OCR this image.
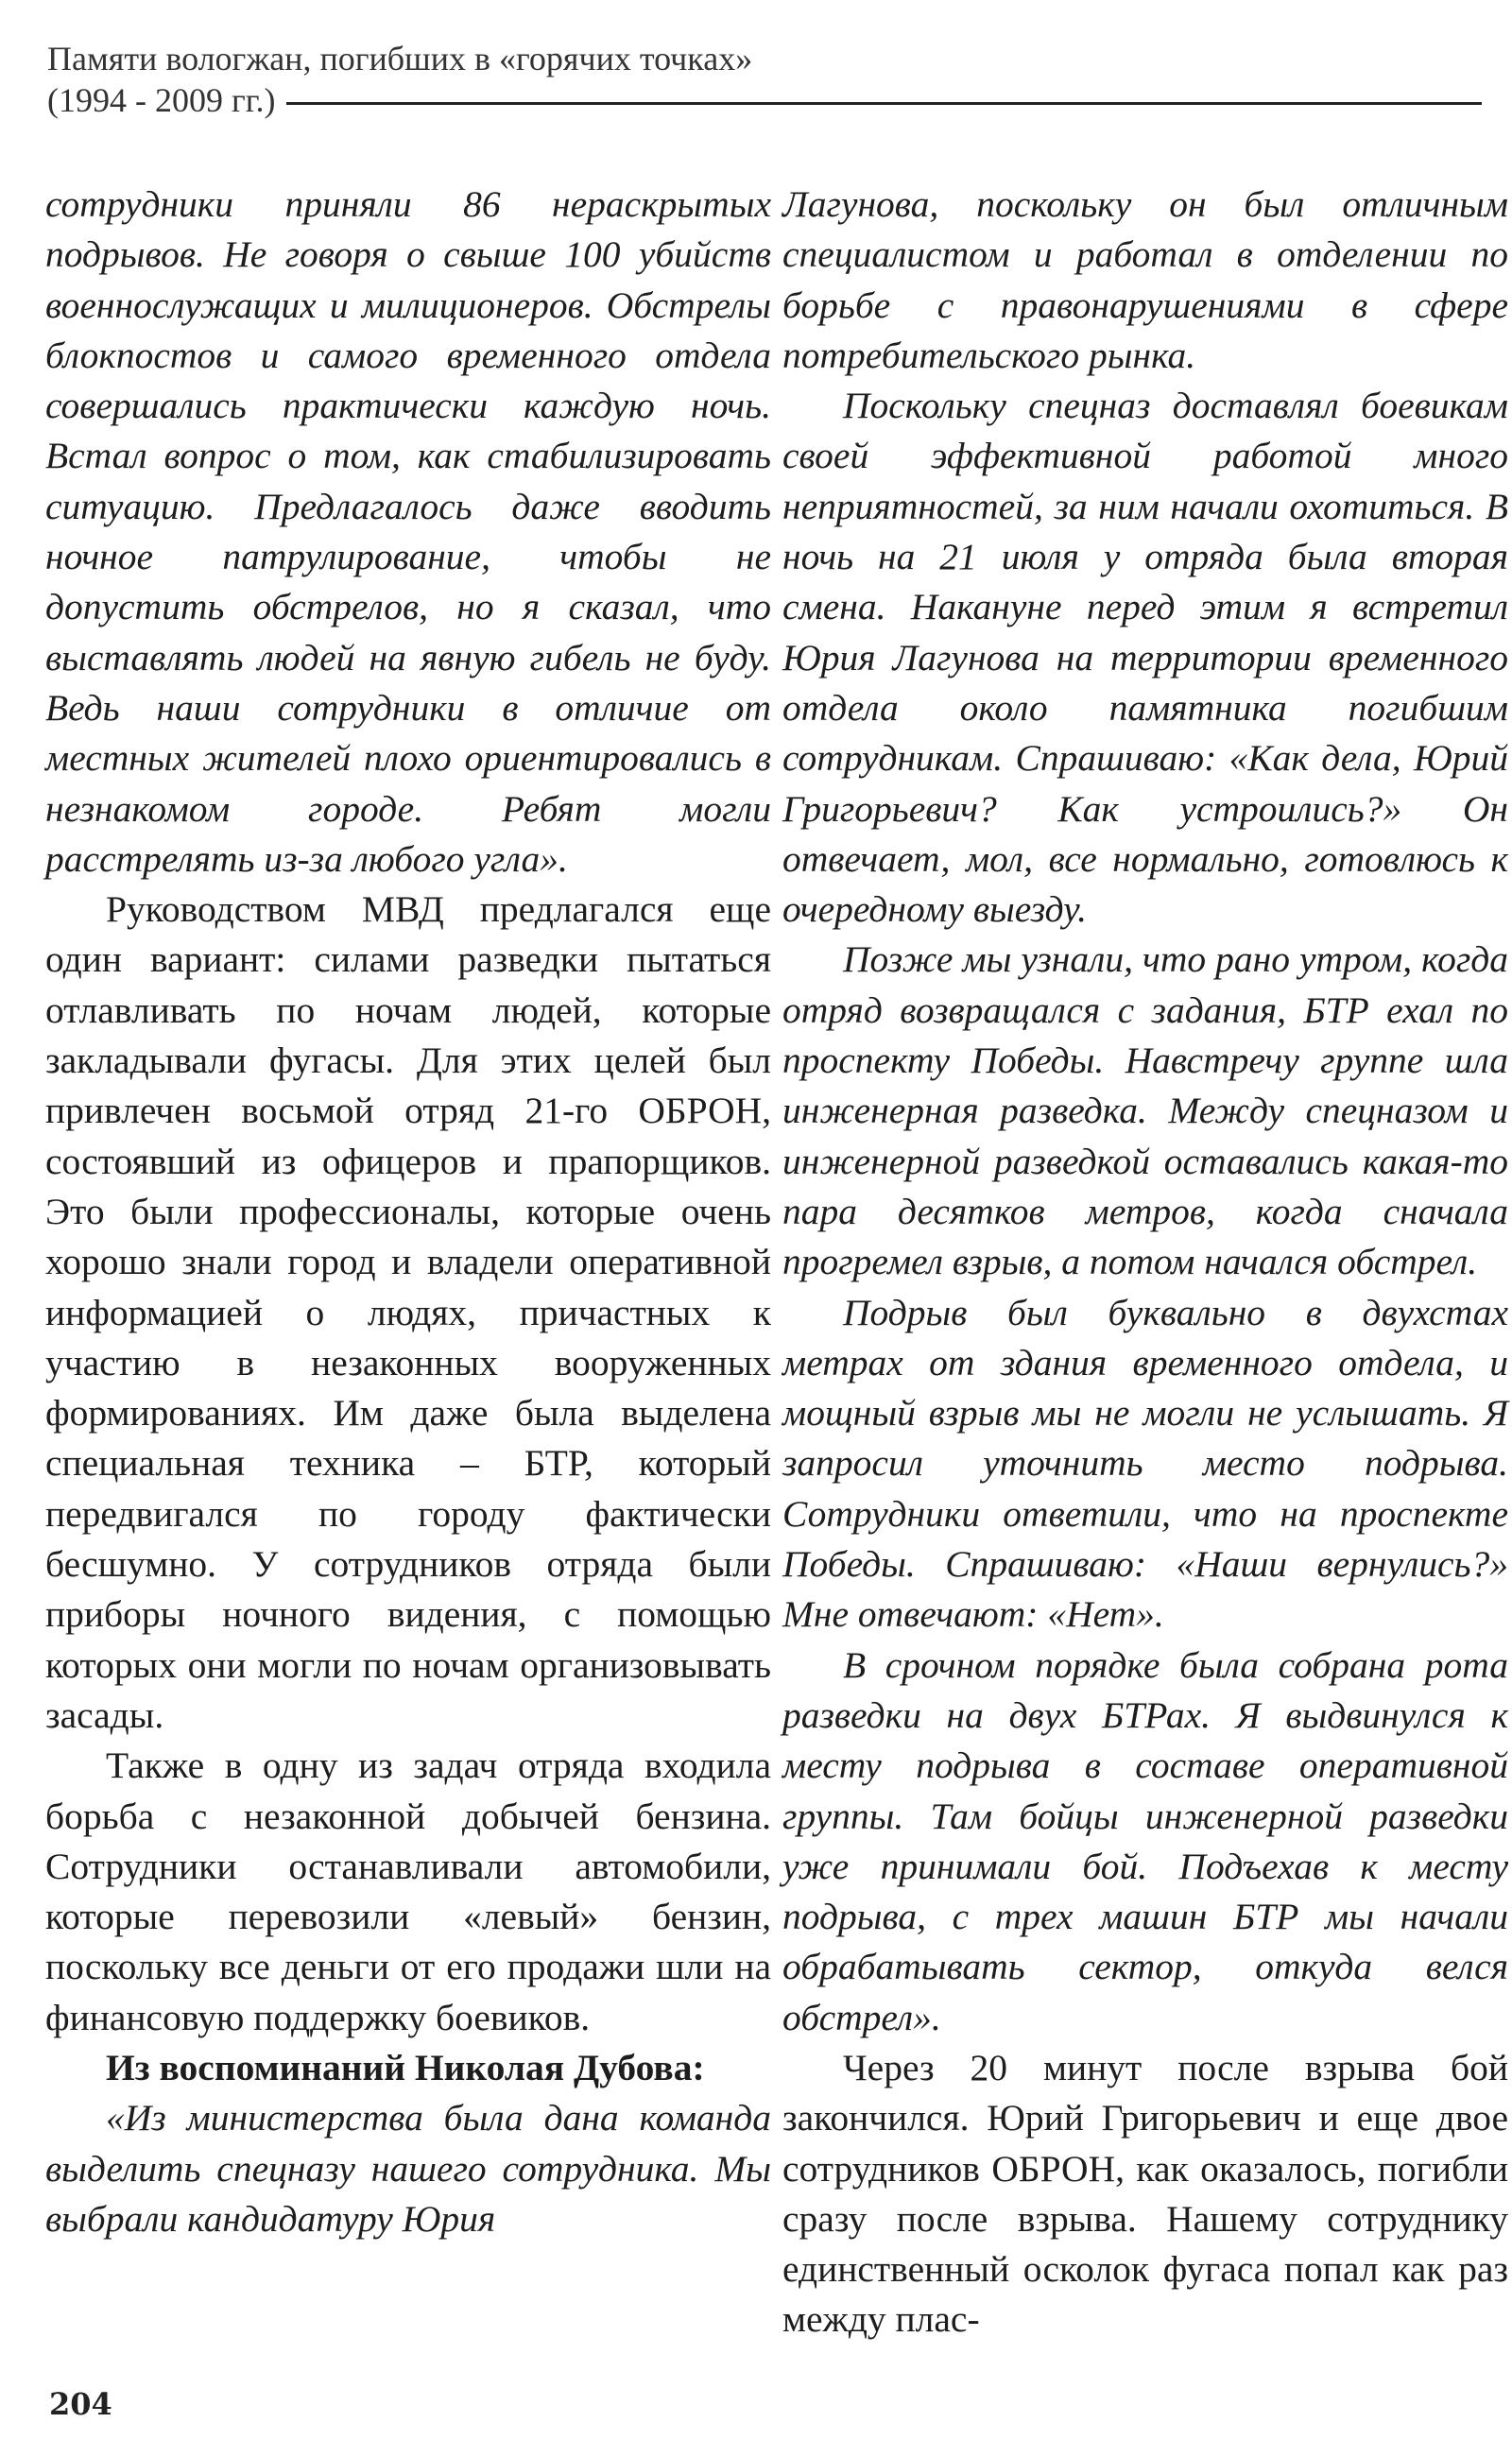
Памяти вологжан, погибших в «горячих точках»
(1994 - 2009 гг.)

сотрудники приняли 86 нераскрытых подрывов. Не говоря о свыше 100 убийств военнослужащих и милиционеров. Обстрелы блокпостов и самого временного отдела совершались практически каждую ночь. Встал вопрос о том, как стабилизировать ситуацию. Предлагалось даже вводить ночное патрулирование, чтобы не допустить обстрелов, но я сказал, что выставлять людей на явную гибель не буду. Ведь наши сотрудники в отличие от местных жителей плохо ориентировались в незнакомом городе. Ребят могли расстрелять из-за любого угла».

Руководством МВД предлагался еще один вариант: силами разведки пытаться отлавливать по ночам людей, которые закладывали фугасы. Для этих целей был привлечен восьмой отряд 21-го ОБРОН, состоявший из офицеров и прапорщиков. Это были профессионалы, которые очень хорошо знали город и владели оперативной информацией о людях, причастных к участию в незаконных вооруженных формированиях. Им даже была выделена специальная техника – БТР, который передвигался по городу фактически бесшумно. У сотрудников отряда были приборы ночного видения, с помощью которых они могли по ночам организовывать засады.

Также в одну из задач отряда входила борьба с незаконной добычей бензина. Сотрудники останавливали автомобили, которые перевозили «левый» бензин, поскольку все деньги от его продажи шли на финансовую поддержку боевиков.

Из воспоминаний Николая Дубова:

«Из министерства была дана команда выделить спецназу нашего сотрудника. Мы выбрали кандидатуру Юрия

Лагунова, поскольку он был отличным специалистом и работал в отделении по борьбе с правонарушениями в сфере потребительского рынка.

Поскольку спецназ доставлял боевикам своей эффективной работой много неприятностей, за ним начали охотиться. В ночь на 21 июля у отряда была вторая смена. Накануне перед этим я встретил Юрия Лагунова на территории временного отдела около памятника погибшим сотрудникам. Спрашиваю: «Как дела, Юрий Григорьевич? Как устроились?» Он отвечает, мол, все нормально, готовлюсь к очередному выезду.

Позже мы узнали, что рано утром, когда отряд возвращался с задания, БТР ехал по проспекту Победы. Навстречу группе шла инженерная разведка. Между спецназом и инженерной разведкой оставались какая-то пара десятков метров, когда сначала прогремел взрыв, а потом начался обстрел.

Подрыв был буквально в двухстах метрах от здания временного отдела, и мощный взрыв мы не могли не услышать. Я запросил уточнить место подрыва. Сотрудники ответили, что на проспекте Победы. Спрашиваю: «Наши вернулись?» Мне отвечают: «Нет».

В срочном порядке была собрана рота разведки на двух БТРах. Я выдвинулся к месту подрыва в составе оперативной группы. Там бойцы инженерной разведки уже принимали бой. Подъехав к месту подрыва, с трех машин БТР мы начали обрабатывать сектор, откуда велся обстрел».

Через 20 минут после взрыва бой закончился. Юрий Григорьевич и еще двое сотрудников ОБРОН, как оказалось, погибли сразу после взрыва. Нашему сотруднику единственный осколок фугаса попал как раз между плас-

204
